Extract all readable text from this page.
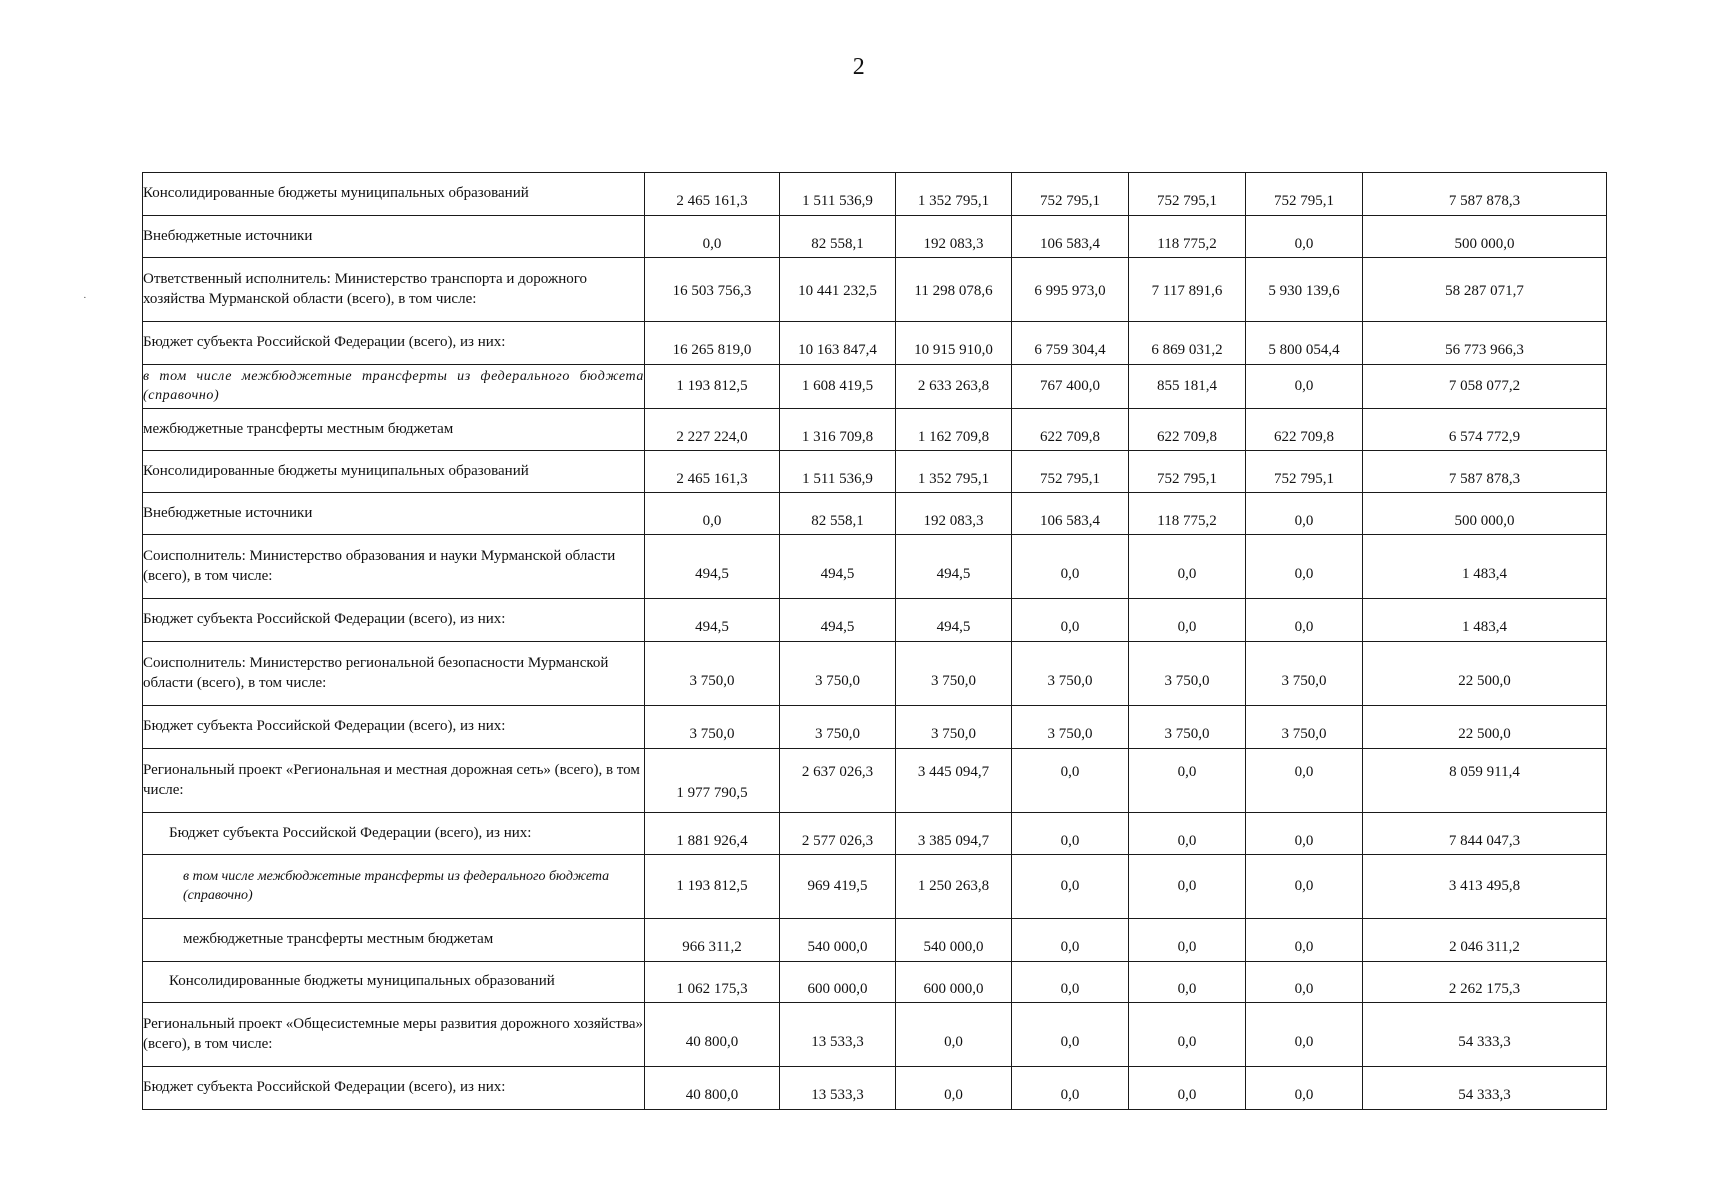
2
·
Консолидированные бюджеты муниципальных образований	2 465 161,3	1 511 536,9	1 352 795,1	752 795,1	752 795,1	752 795,1	7 587 878,3
Внебюджетные источники	0,0	82 558,1	192 083,3	106 583,4	118 775,2	0,0	500 000,0
Ответственный исполнитель: Министерство транспорта и дорожного хозяйства Мурманской области (всего), в том числе:	16 503 756,3	10 441 232,5	11 298 078,6	6 995 973,0	7 117 891,6	5 930 139,6	58 287 071,7
Бюджет субъекта Российской Федерации (всего), из них:	16 265 819,0	10 163 847,4	10 915 910,0	6 759 304,4	6 869 031,2	5 800 054,4	56 773 966,3
в том числе межбюджетные трансферты из федерального бюджета (справочно)	1 193 812,5	1 608 419,5	2 633 263,8	767 400,0	855 181,4	0,0	7 058 077,2
межбюджетные трансферты местным бюджетам	2 227 224,0	1 316 709,8	1 162 709,8	622 709,8	622 709,8	622 709,8	6 574 772,9
Консолидированные бюджеты муниципальных образований	2 465 161,3	1 511 536,9	1 352 795,1	752 795,1	752 795,1	752 795,1	7 587 878,3
Внебюджетные источники	0,0	82 558,1	192 083,3	106 583,4	118 775,2	0,0	500 000,0
Соисполнитель: Министерство образования и науки Мурманской области (всего), в том числе:	494,5	494,5	494,5	0,0	0,0	0,0	1 483,4
Бюджет субъекта Российской Федерации (всего), из них:	494,5	494,5	494,5	0,0	0,0	0,0	1 483,4
Соисполнитель: Министерство региональной безопасности Мурманской области (всего), в том числе:	3 750,0	3 750,0	3 750,0	3 750,0	3 750,0	3 750,0	22 500,0
Бюджет субъекта Российской Федерации (всего), из них:	3 750,0	3 750,0	3 750,0	3 750,0	3 750,0	3 750,0	22 500,0
Региональный проект «Региональная и местная дорожная сеть» (всего), в том числе:	1 977 790,5	2 637 026,3	3 445 094,7	0,0	0,0	0,0	8 059 911,4
Бюджет субъекта Российской Федерации (всего), из них:	1 881 926,4	2 577 026,3	3 385 094,7	0,0	0,0	0,0	7 844 047,3
в том числе межбюджетные трансферты из федерального бюджета (справочно)	1 193 812,5	969 419,5	1 250 263,8	0,0	0,0	0,0	3 413 495,8
межбюджетные трансферты местным бюджетам	966 311,2	540 000,0	540 000,0	0,0	0,0	0,0	2 046 311,2
Консолидированные бюджеты муниципальных образований	1 062 175,3	600 000,0	600 000,0	0,0	0,0	0,0	2 262 175,3
Региональный проект «Общесистемные меры развития дорожного хозяйства» (всего), в том числе:	40 800,0	13 533,3	0,0	0,0	0,0	0,0	54 333,3
Бюджет субъекта Российской Федерации (всего), из них:	40 800,0	13 533,3	0,0	0,0	0,0	0,0	54 333,3
